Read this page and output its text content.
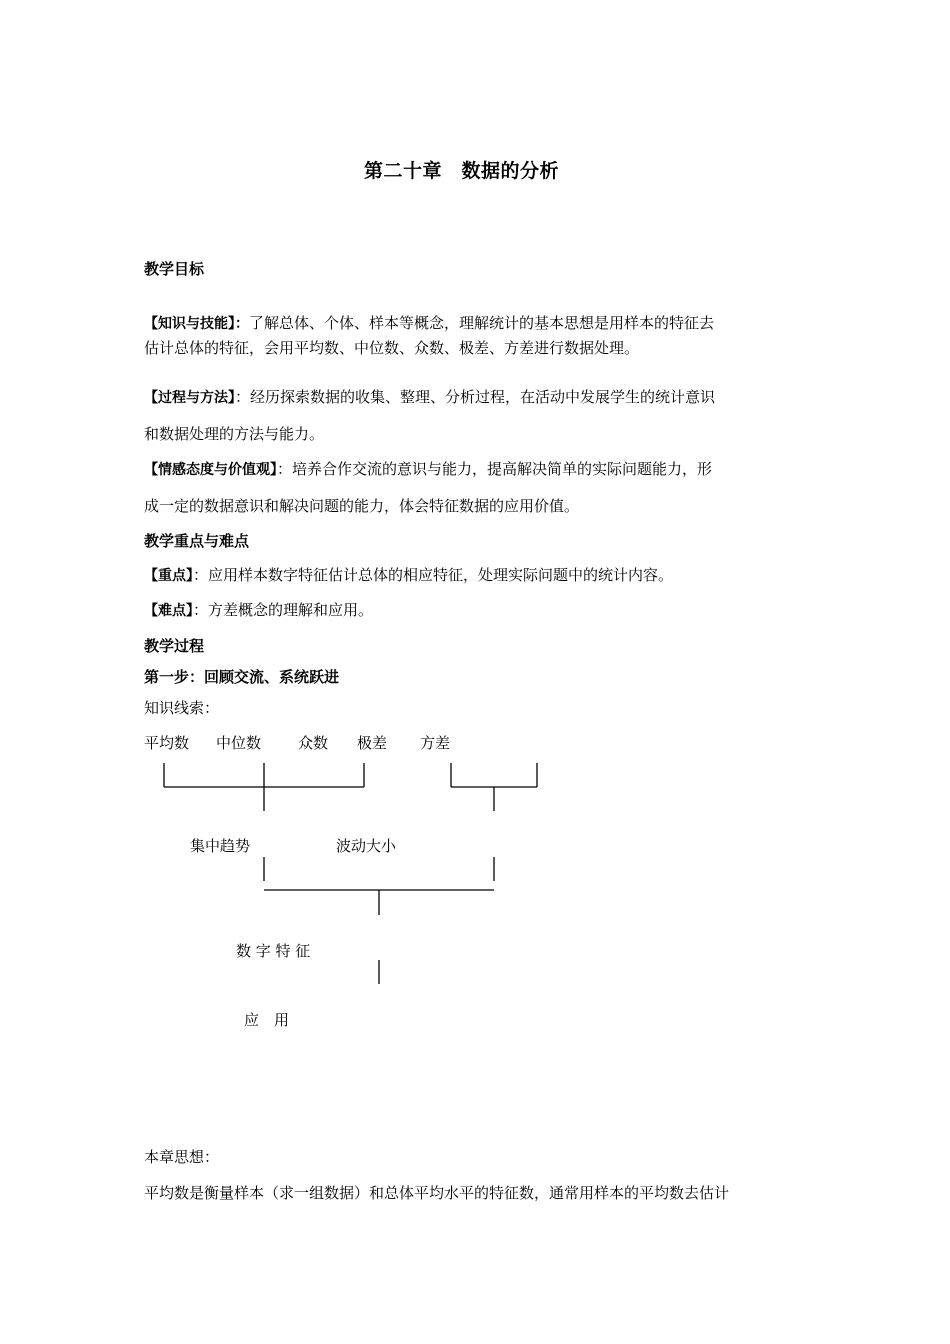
第二十章　数据的分析
教学目标
【知识与技能】：了解总体、个体、样本等概念，理解统计的基本思想是用样本的特征去
估计总体的特征，会用平均数、中位数、众数、极差、方差进行数据处理。
【过程与方法】：经历探索数据的收集、整理、分析过程，在活动中发展学生的统计意识
和数据处理的方法与能力。
【情感态度与价值观】：培养合作交流的意识与能力，提高解决简单的实际问题能力，形
成一定的数据意识和解决问题的能力，体会特征数据的应用价值。
教学重点与难点
【重点】：应用样本数字特征估计总体的相应特征，处理实际问题中的统计内容。
【难点】：方差概念的理解和应用。
教学过程
第一步：回顾交流、系统跃进
知识线索：
平均数 中位数 众数 极差 方差
集中趋势	波动大小
数 字 特 征
应　用
本章思想：
平均数是衡量样本（求一组数据）和总体平均水平的特征数，通常用样本的平均数去估计
